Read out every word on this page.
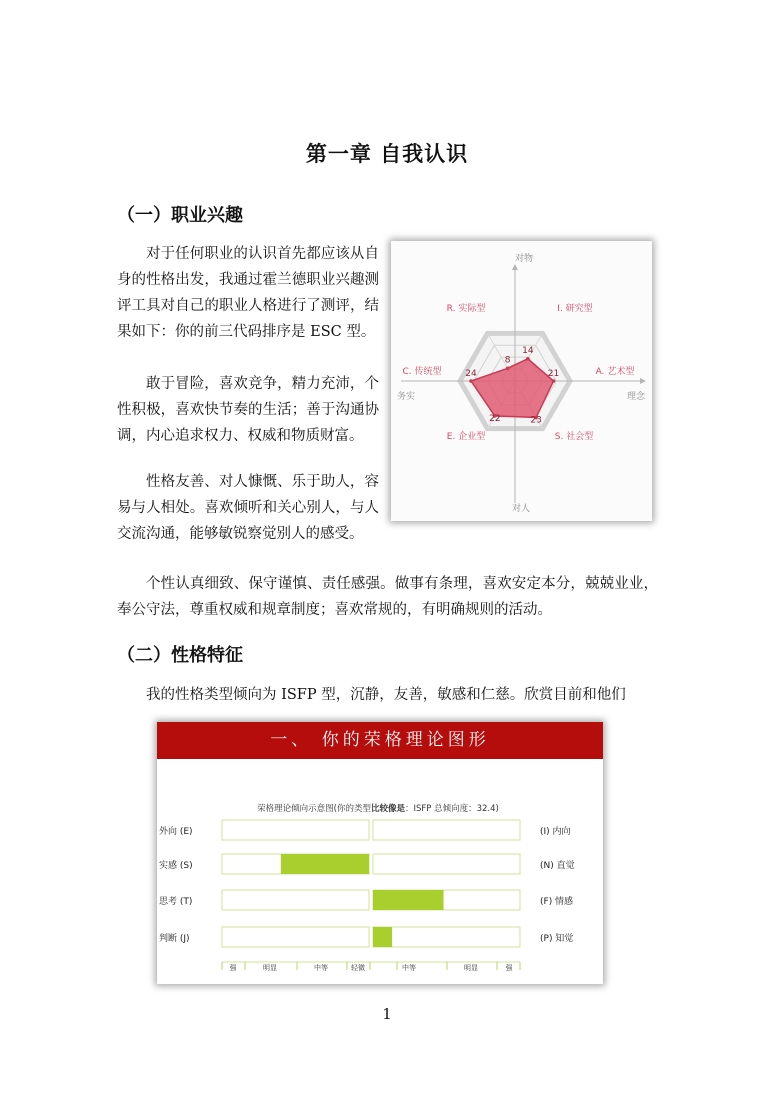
第一章 自我认识
（一）职业兴趣

对于任何职业的认识首先都应该从自身的性格出发，我通过霍兰德职业兴趣测评工具对自己的职业人格进行了测评，结果如下：你的前三代码排序是 ESC 型。

敢于冒险，喜欢竞争，精力充沛，个性积极，喜欢快节奏的生活；善于沟通协调，内心追求权力、权威和物质财富。

性格友善、对人慷慨、乐于助人，容易与人相处。喜欢倾听和关心别人，与人交流沟通，能够敏锐察觉别人的感受。

个性认真细致、保守谨慎、责任感强。做事有条理，喜欢安定本分，兢兢业业，奉公守法，尊重权威和规章制度；喜欢常规的，有明确规则的活动。

8
14
21
23
22
24
R. 实际型	I. 研究型
A. 艺术型
S. 社会型
E. 企业型
C. 传统型
对物
对人
务实	理念
（二）性格特征

我的性格类型倾向为 ISFP 型，沉静，友善，敏感和仁慈。欣赏目前和他们

一、 你的荣格理论图形
荣格理论倾向示意图(你的类型比较像是：ISFP 总倾向度：32.4)
外向 (E)	(I) 内向
实感 (S)	(N) 直觉
思考 (T)	(F) 情感
判断 (J)	(P) 知觉
强	明显	中等	轻微	中等	明显	强
1
